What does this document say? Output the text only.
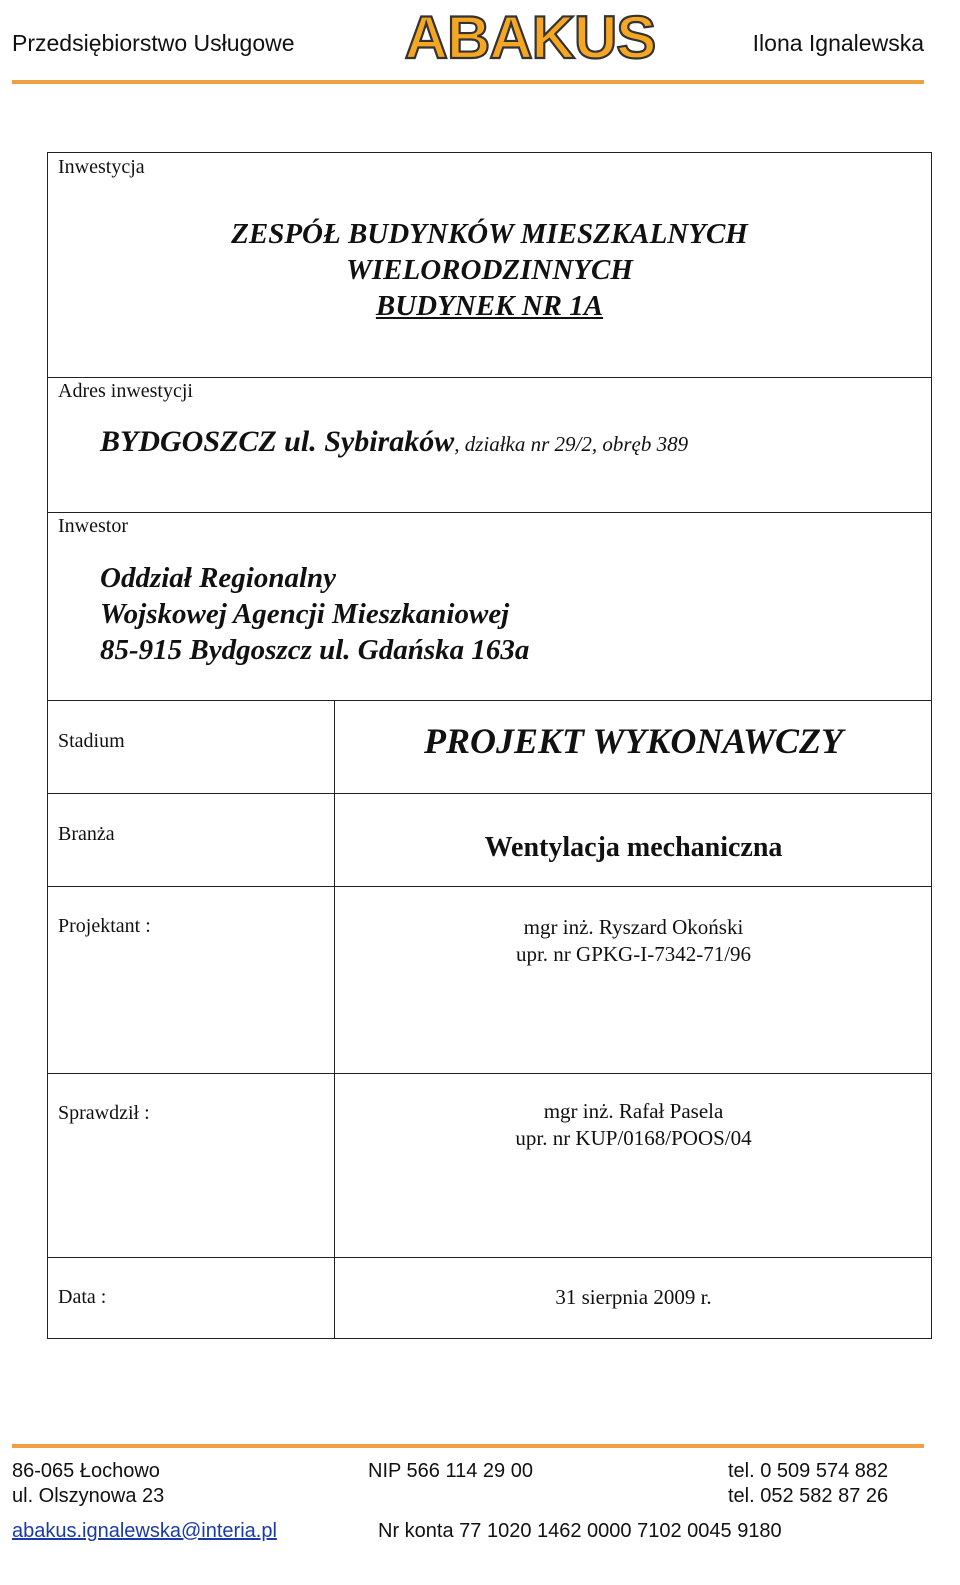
Przedsiębiorstwo Usługowe ABAKUS	Ilona Ignalewska
Inwestycja
ZESPÓŁ BUDYNKÓW MIESZKALNYCH
WIELORODZINNYCH
BUDYNEK NR 1A
Adres inwestycji
BYDGOSZCZ ul. Sybiraków, działka nr 29/2, obręb 389
Inwestor
Oddział Regionalny
Wojskowej Agencji Mieszkaniowej
85-915 Bydgoszcz ul. Gdańska 163a
Stadium	PROJEKT WYKONAWCZY
Branża	Wentylacja mechaniczna
Projektant :	mgr inż. Ryszard Okoński
upr. nr GPKG-I-7342-71/96
Sprawdził :	mgr inż. Rafał Pasela
upr. nr KUP/0168/POOS/04
Data :	31 sierpnia 2009 r.
86-065 Łochowo
ul. Olszynowa 23
NIP 566 114 29 00	tel. 0 509 574 882
tel. 052 582 87 26
abakus.ignalewska@interia.pl	Nr konta 77 1020 1462 0000 7102 0045 9180
